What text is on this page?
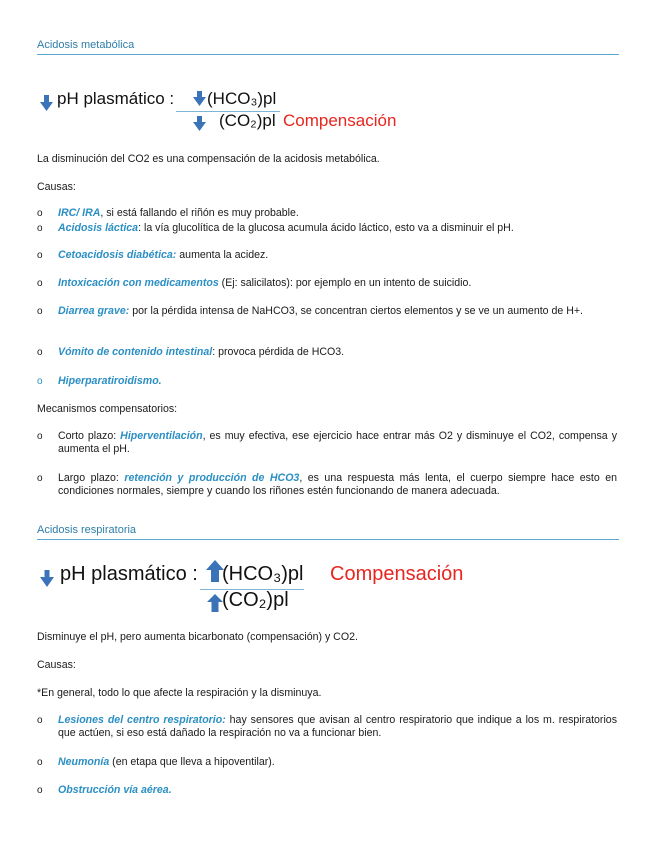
Acidosis metabólica
pH plasmático : (HCO₃)pl
(CO₂)pl Compensación
La disminución del CO2 es una compensación de la acidosis metabólica.
Causas:
o IRC/ IRA, si está fallando el riñón es muy probable.
o Acidosis láctica: la vía glucolítica de la glucosa acumula ácido láctico, esto va a disminuir el pH.
o Cetoacidosis diabética: aumenta la acidez.
o Intoxicación con medicamentos (Ej: salicilatos): por ejemplo en un intento de suicidio.
o Diarrea grave: por la pérdida intensa de NaHCO3, se concentran ciertos elementos y se ve un aumento de H+.
o Vómito de contenido intestinal: provoca pérdida de HCO3.
o Hiperparatiroidismo.
Mecanismos compensatorios:
o Corto plazo: Hiperventilación, es muy efectiva, ese ejercicio hace entrar más O2 y disminuye el CO2, compensa y aumenta el pH.
o Largo plazo: retención y producción de HCO3, es una respuesta más lenta, el cuerpo siempre hace esto en condiciones normales, siempre y cuando los riñones estén funcionando de manera adecuada.
Acidosis respiratoria
pH plasmático : (HCO₃)pl Compensación
(CO₂)pl
Disminuye el pH, pero aumenta bicarbonato (compensación) y CO2.
Causas:
*En general, todo lo que afecte la respiración y la disminuya.
o Lesiones del centro respiratorio: hay sensores que avisan al centro respiratorio que indique a los m. respiratorios que actúen, si eso está dañado la respiración no va a funcionar bien.
o Neumonía (en etapa que lleva a hipoventilar).
o Obstrucción vía aérea.
